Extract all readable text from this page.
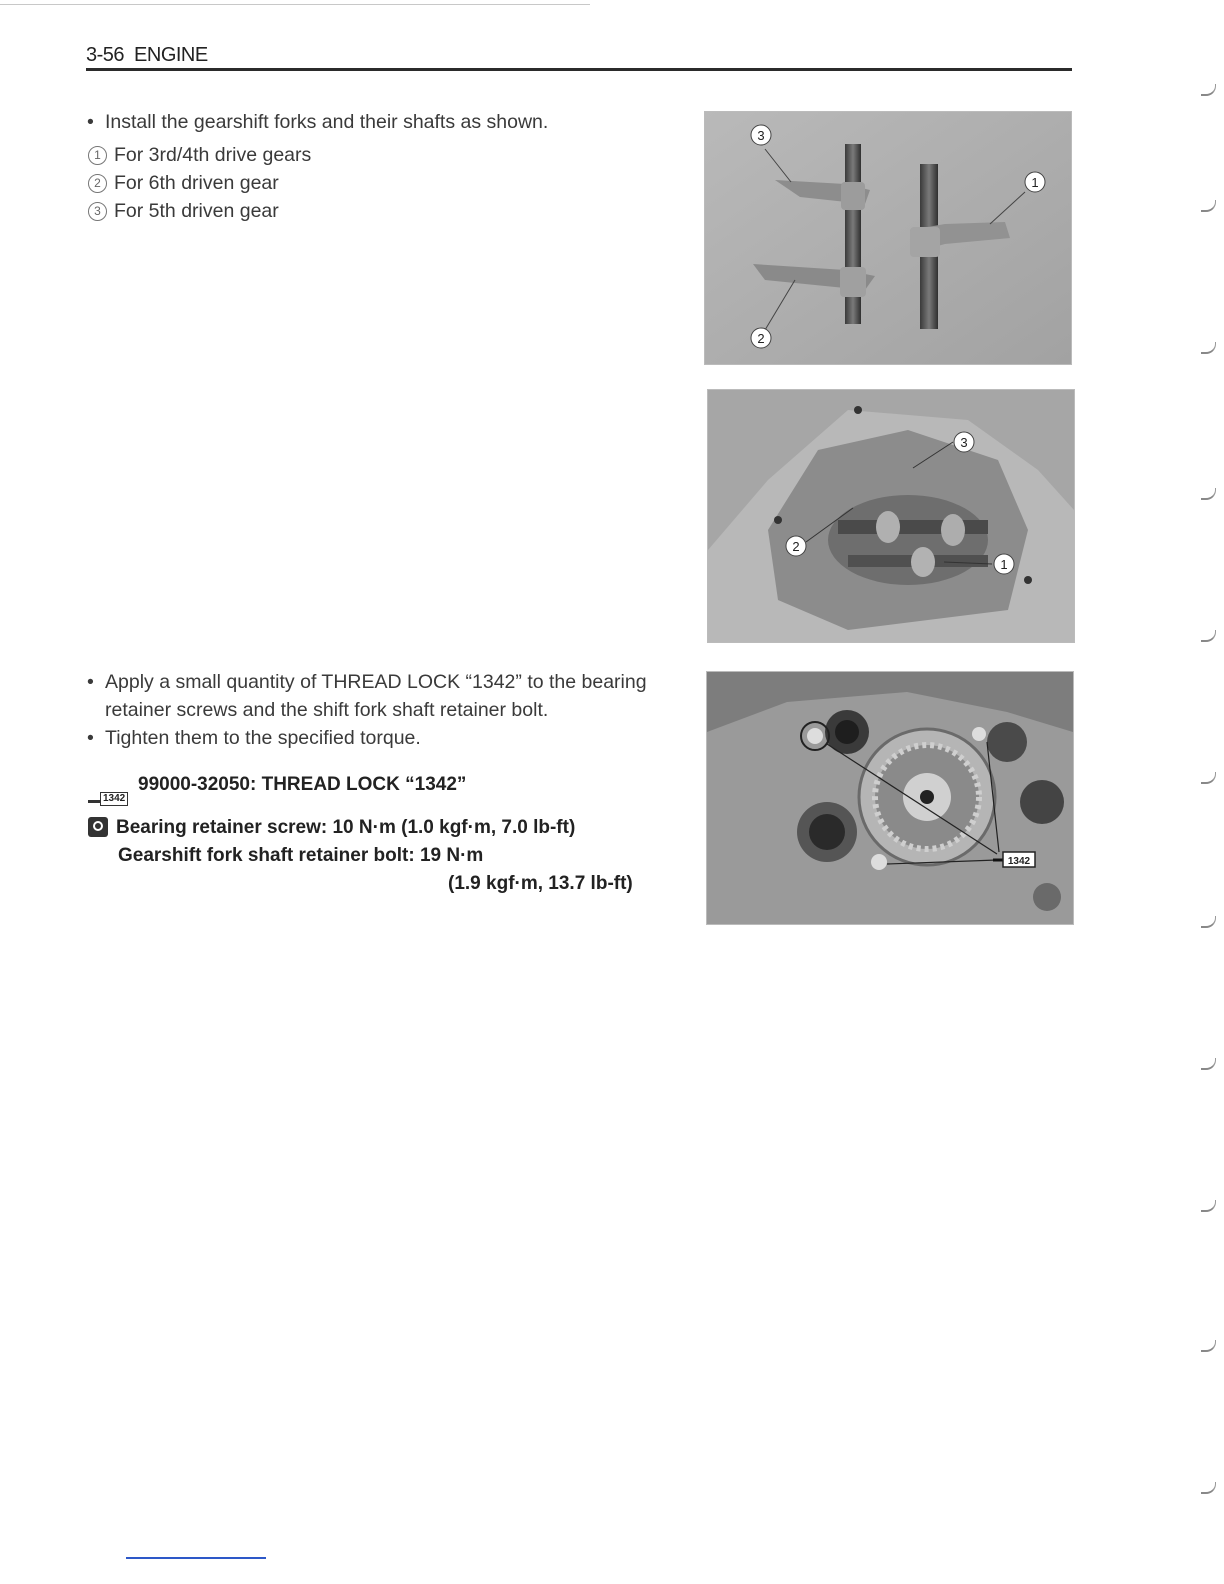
3-56 ENGINE
• Install the gearshift forks and their shafts as shown.
1 For 3rd/4th drive gears
2 For 6th driven gear
3 For 5th driven gear
3
1
2
3
2
1
• Apply a small quantity of THREAD LOCK “1342” to the bearing
retainer screws and the shift fork shaft retainer bolt.
• Tighten them to the specified torque.
1342
99000-32050: THREAD LOCK “1342”
Bearing retainer screw: 10 N·m (1.0 kgf·m, 7.0 lb-ft)
Gearshift fork shaft retainer bolt: 19 N·m
(1.9 kgf·m, 13.7 lb-ft)
1342
